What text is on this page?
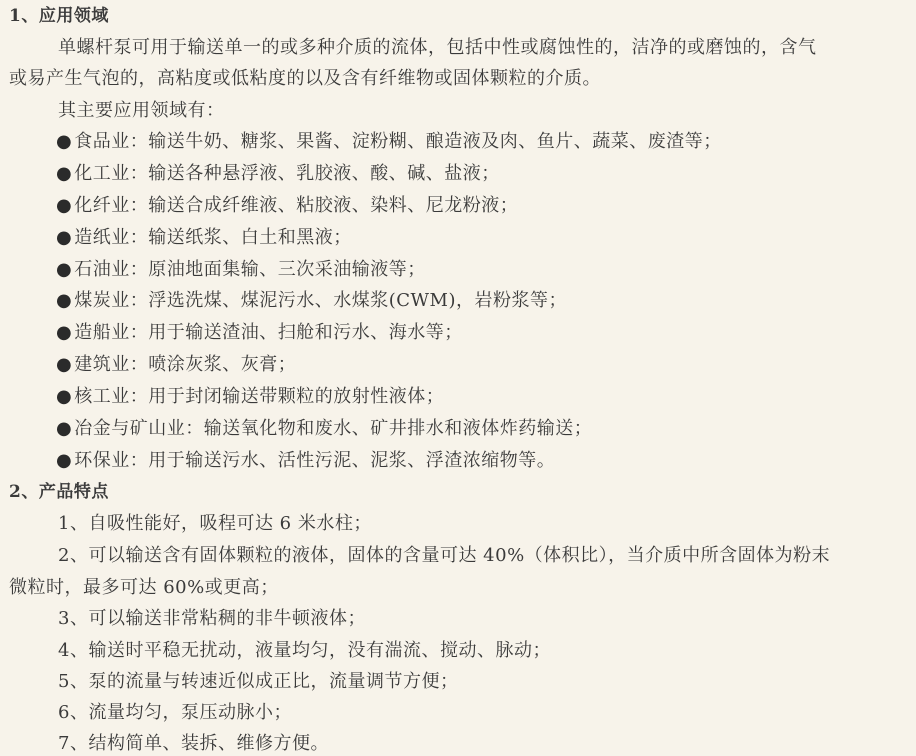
1、应用领域
单螺杆泵可用于输送单一的或多种介质的流体，包括中性或腐蚀性的，洁净的或磨蚀的，含气
或易产生气泡的，高粘度或低粘度的以及含有纤维物或固体颗粒的介质。
其主要应用领域有：
● 食品业：输送牛奶、糖浆、果酱、淀粉糊、酿造液及肉、鱼片、蔬菜、废渣等；
● 化工业：输送各种悬浮液、乳胶液、酸、碱、盐液；
● 化纤业：输送合成纤维液、粘胶液、染料、尼龙粉液；
● 造纸业：输送纸浆、白土和黑液；
● 石油业：原油地面集输、三次采油输液等；
● 煤炭业：浮选洗煤、煤泥污水、水煤浆(CWM)，岩粉浆等；
● 造船业：用于输送渣油、扫舱和污水、海水等；
● 建筑业：喷涂灰浆、灰膏；
● 核工业：用于封闭输送带颗粒的放射性液体；
● 冶金与矿山业：输送氧化物和废水、矿井排水和液体炸药输送；
● 环保业：用于输送污水、活性污泥、泥浆、浮渣浓缩物等。
2、产品特点
1、自吸性能好，吸程可达 6 米水柱；
2、可以输送含有固体颗粒的液体，固体的含量可达 40%（体积比），当介质中所含固体为粉末
微粒时，最多可达 60%或更高；
3、可以输送非常粘稠的非牛顿液体；
4、输送时平稳无扰动，液量均匀，没有湍流、搅动、脉动；
5、泵的流量与转速近似成正比，流量调节方便；
6、流量均匀，泵压动脉小；
7、结构简单、装拆、维修方便。
